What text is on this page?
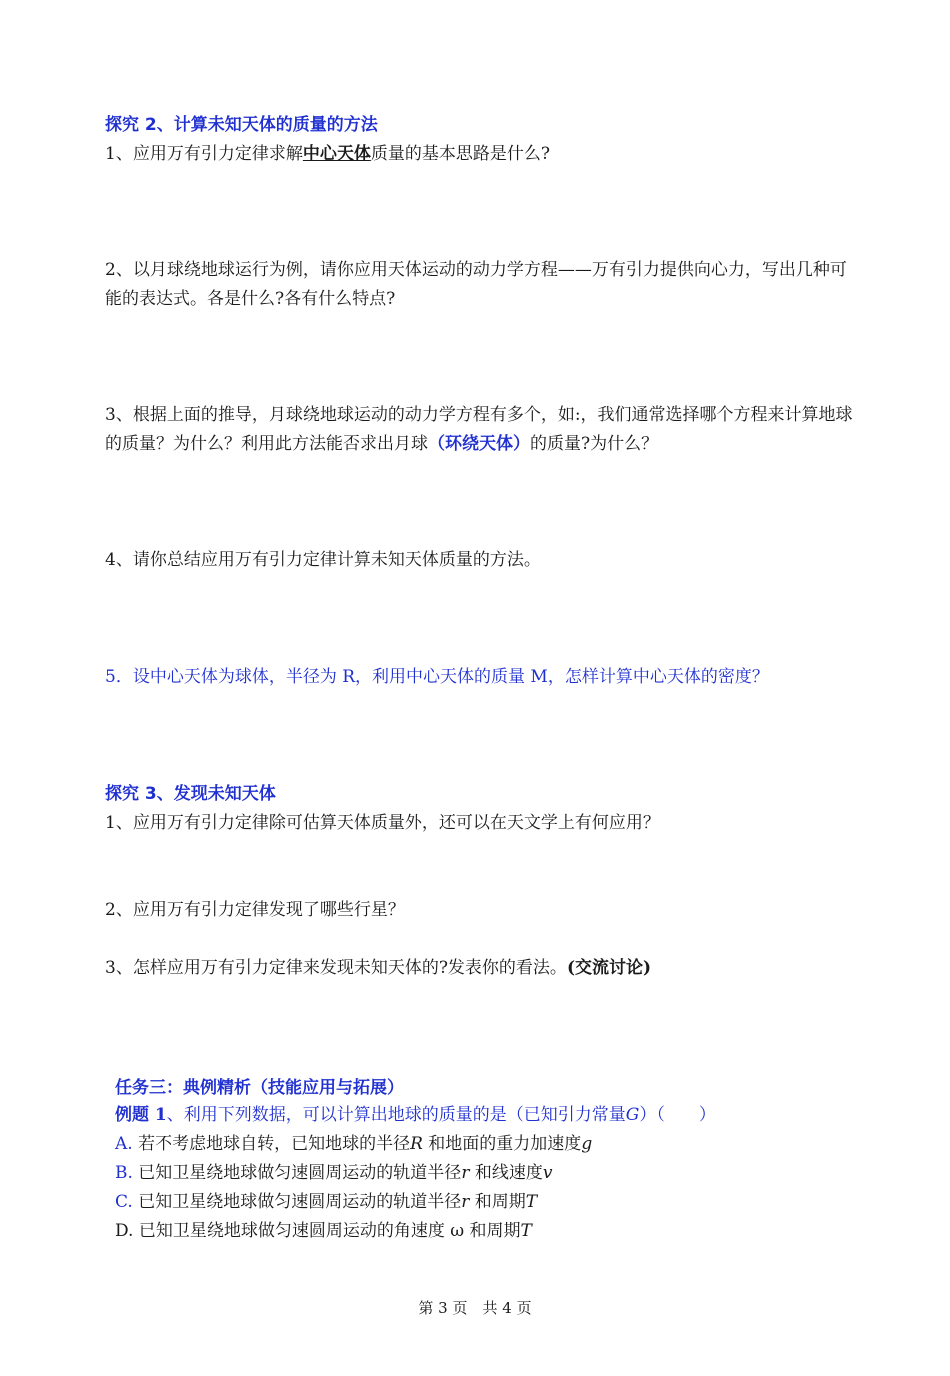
探究 2、计算未知天体的质量的方法
1、应用万有引力定律求解中心天体质量的基本思路是什么?
2、以月球绕地球运行为例，请你应用天体运动的动力学方程——万有引力提供向心力，写出几种可能的表达式。各是什么?各有什么特点?
3、根据上面的推导，月球绕地球运动的动力学方程有多个，如:，我们通常选择哪个方程来计算地球的质量？为什么？利用此方法能否求出月球（环绕天体）的质量?为什么？
4、请你总结应用万有引力定律计算未知天体质量的方法。
5．设中心天体为球体，半径为 R，利用中心天体的质量 M，怎样计算中心天体的密度？
探究 3、发现未知天体
1、应用万有引力定律除可估算天体质量外，还可以在天文学上有何应用？
2、应用万有引力定律发现了哪些行星？
3、怎样应用万有引力定律来发现未知天体的?发表你的看法。(交流讨论)
任务三：典例精析（技能应用与拓展）
例题 1、利用下列数据，可以计算出地球的质量的是（已知引力常量G）（　　）
A. 若不考虑地球自转，已知地球的半径R 和地面的重力加速度g
B. 已知卫星绕地球做匀速圆周运动的轨道半径r 和线速度v
C. 已知卫星绕地球做匀速圆周运动的轨道半径r 和周期T
D. 已知卫星绕地球做匀速圆周运动的角速度 ω 和周期T
第 3 页　共 4 页
